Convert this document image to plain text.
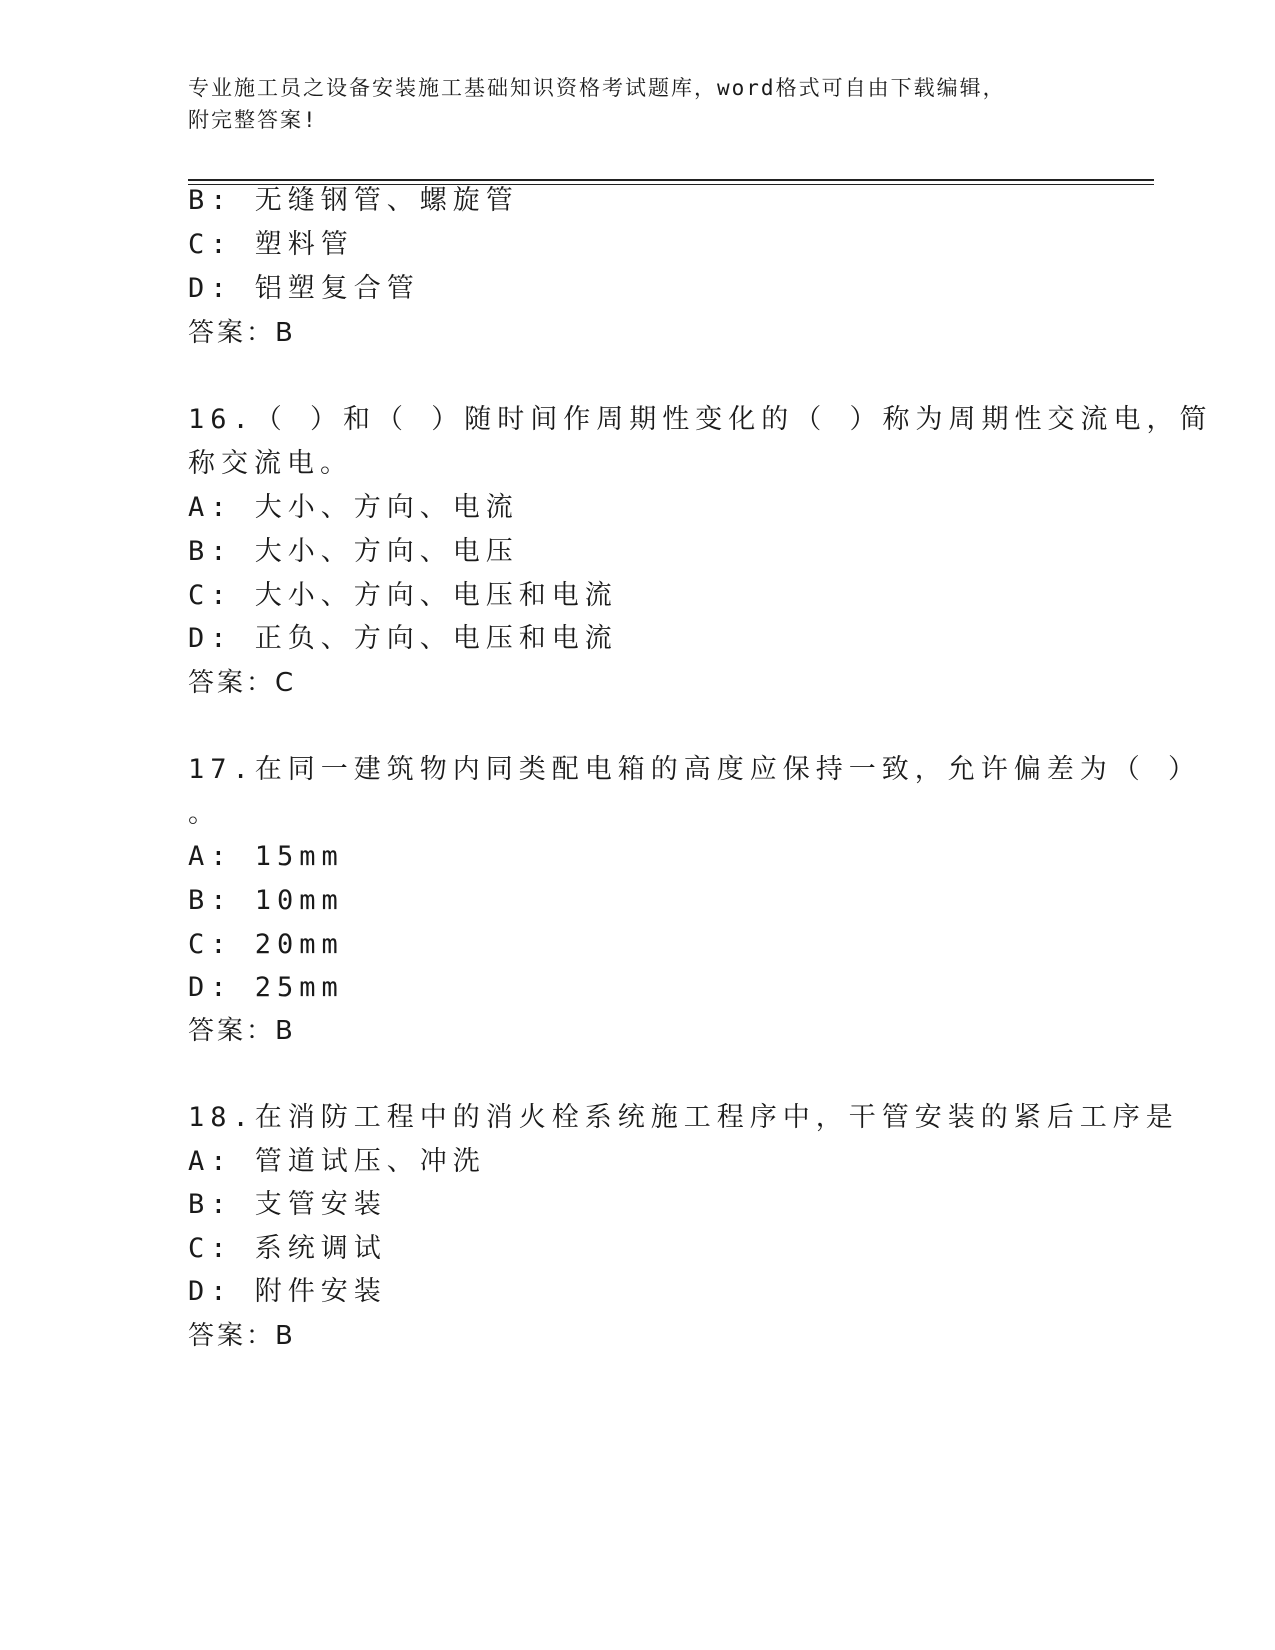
专业施工员之设备安装施工基础知识资格考试题库，word格式可自由下载编辑，
附完整答案!
B: 无缝钢管、螺旋管
C: 塑料管
D: 铝塑复合管
答案：B
16.（ ）和（ ）随时间作周期性变化的（ ）称为周期性交流电，简
称交流电。
A: 大小、方向、电流
B: 大小、方向、电压
C: 大小、方向、电压和电流
D: 正负、方向、电压和电流
答案：C
17.在同一建筑物内同类配电箱的高度应保持一致，允许偏差为（ ）
。
A: 15mm
B: 10mm
C: 20mm
D: 25mm
答案：B
18.在消防工程中的消火栓系统施工程序中，干管安装的紧后工序是
A: 管道试压、冲洗
B: 支管安装
C: 系统调试
D: 附件安装
答案：B
